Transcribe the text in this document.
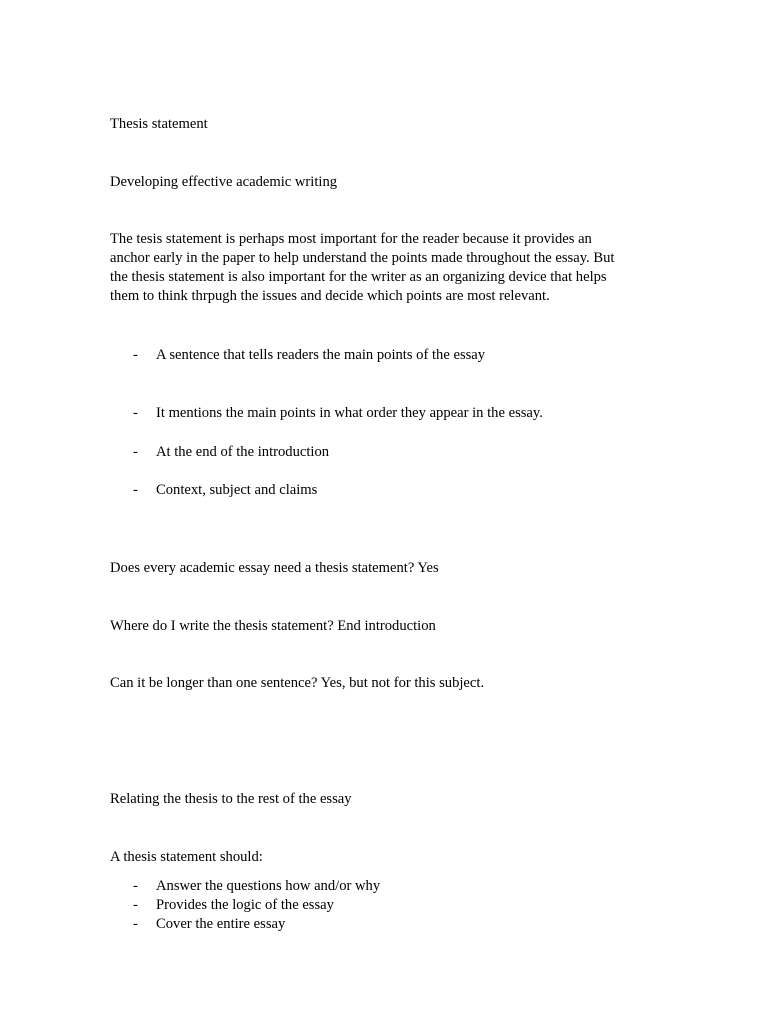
Thesis statement
Developing effective academic writing
The tesis statement is perhaps most important for the reader because it provides an
anchor early in the paper to help understand the points made throughout the essay. But
the thesis statement is also important for the writer as an organizing device that helps
them to think thrpugh the issues and decide which points are most relevant.
- A sentence that tells readers the main points of the essay
- It mentions the main points in what order they appear in the essay.
- At the end of the introduction
- Context, subject and claims
Does every academic essay need a thesis statement? Yes
Where do I write the thesis statement? End introduction
Can it be longer than one sentence? Yes, but not for this subject.
Relating the thesis to the rest of the essay
A thesis statement should:
- Answer the questions how and/or why
- Provides the logic of the essay
- Cover the entire essay
